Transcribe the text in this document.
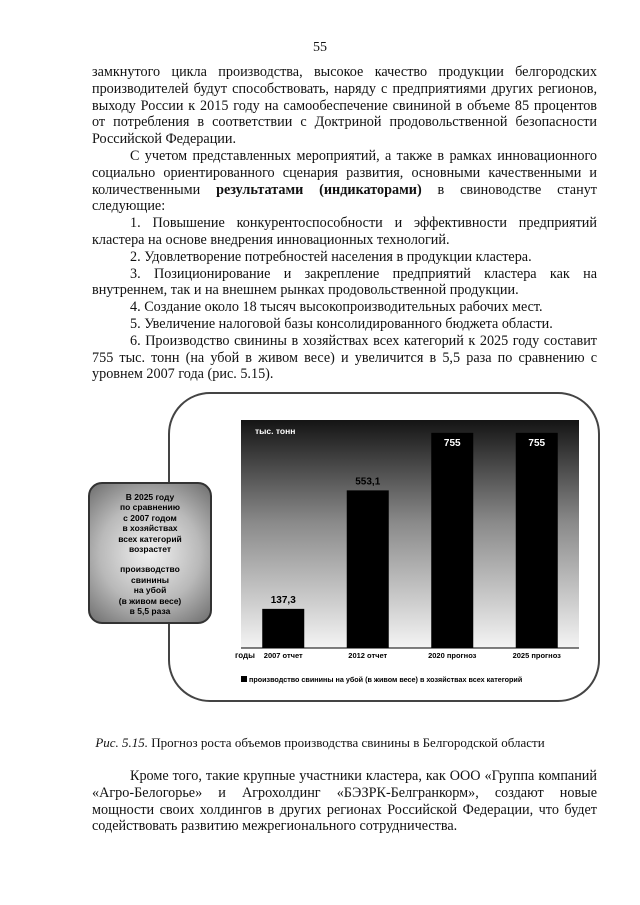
55

замкнутого цикла производства, высокое качество продукции белгородских производителей будут способствовать, наряду с предприятиями других регионов, выходу России к 2015 году на самообеспечение свининой в объеме 85 процентов от потребления в соответствии с Доктриной продовольственной безопасности Российской Федерации.

С учетом представленных мероприятий, а также в рамках инновационного социально ориентированного сценария развития, основными качественными и количественными результатами (индикаторами) в свиноводстве станут следующие:

1. Повышение конкурентоспособности и эффективности предприятий кластера на основе внедрения инновационных технологий.

2. Удовлетворение потребностей населения в продукции кластера.

3. Позиционирование и закрепление предприятий кластера как на внутреннем, так и на внешнем рынках продовольственной продукции.

4. Создание около 18 тысяч высокопроизводительных рабочих мест.

5. Увеличение налоговой базы консолидированного бюджета области.

6. Производство свинины в хозяйствах всех категорий к 2025 году составит 755 тыс. тонн (на убой в живом весе) и увеличится в 5,5 раза по сравнению с уровнем 2007 года (рис. 5.15).

тыс. тонн
годы
137,3
2007 отчет
553,1
2012 отчет
755
2020 прогноз
755
2025 прогноз
производство свинины на убой (в живом весе) в хозяйствах всех категорий
В 2025 году
по сравнению
с 2007 годом
в хозяйствах
всех категорий
возрастет
производство
свинины
на убой
(в живом весе)
в 5,5 раза
Рис. 5.15. Прогноз роста объемов производства свинины в Белгородской области

Кроме того, такие крупные участники кластера, как ООО «Группа компаний «Агро-Белогорье» и Агрохолдинг «БЭЗРК-Белгранкорм», создают новые мощности своих холдингов в других регионах Российской Федерации, что будет содействовать развитию межрегионального сотрудничества.
